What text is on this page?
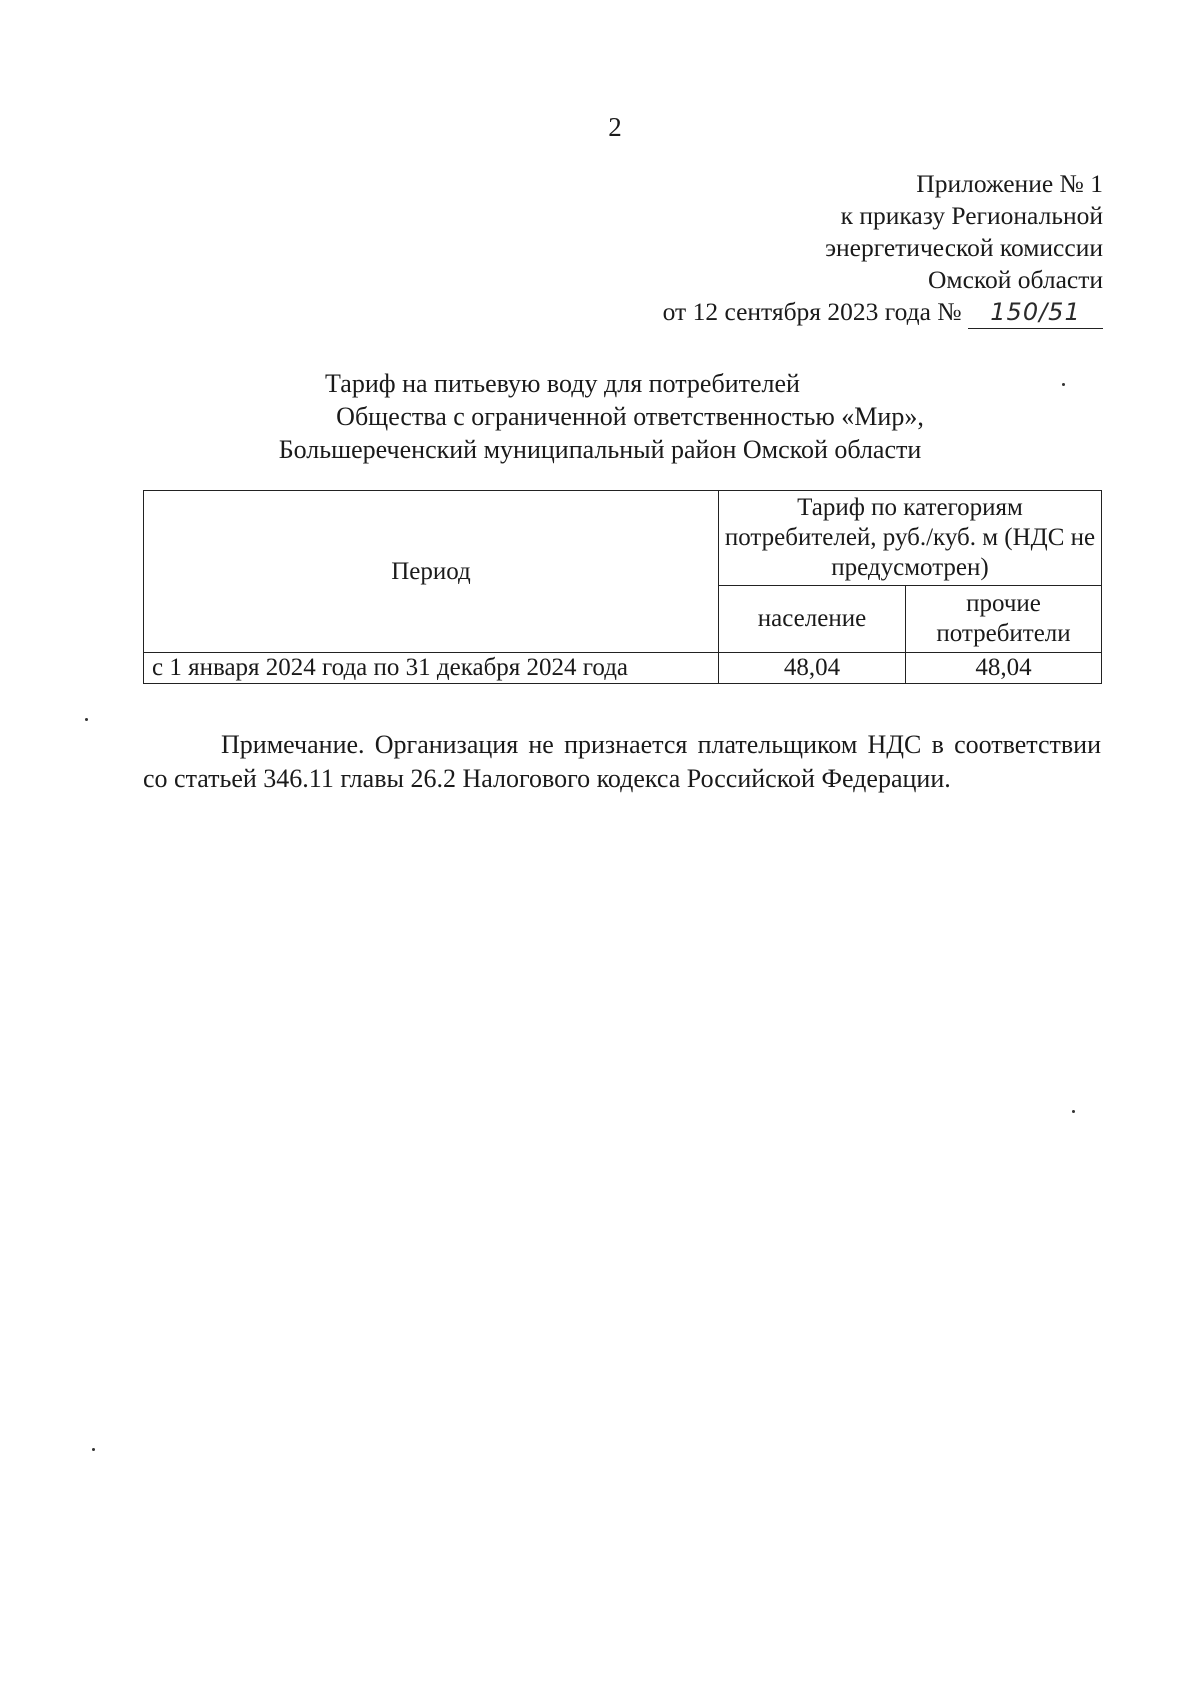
2
Приложение № 1
к приказу Региональной
энергетической комиссии
Омской области
от 12 сентября 2023 года № 150/51
Тариф на питьевую воду для потребителей
Общества с ограниченной ответственностью «Мир»,
Большереченский муниципальный район Омской области
Период	Тариф по категориям потребителей, руб./куб. м (НДС не предусмотрен)	
	население	прочие потребители
с 1 января 2024 года по 31 декабря 2024 года	48,04	48,04
Примечание. Организация не признается плательщиком НДС в соответствии со статьей 346.11 главы 26.2 Налогового кодекса Российской Федерации.
